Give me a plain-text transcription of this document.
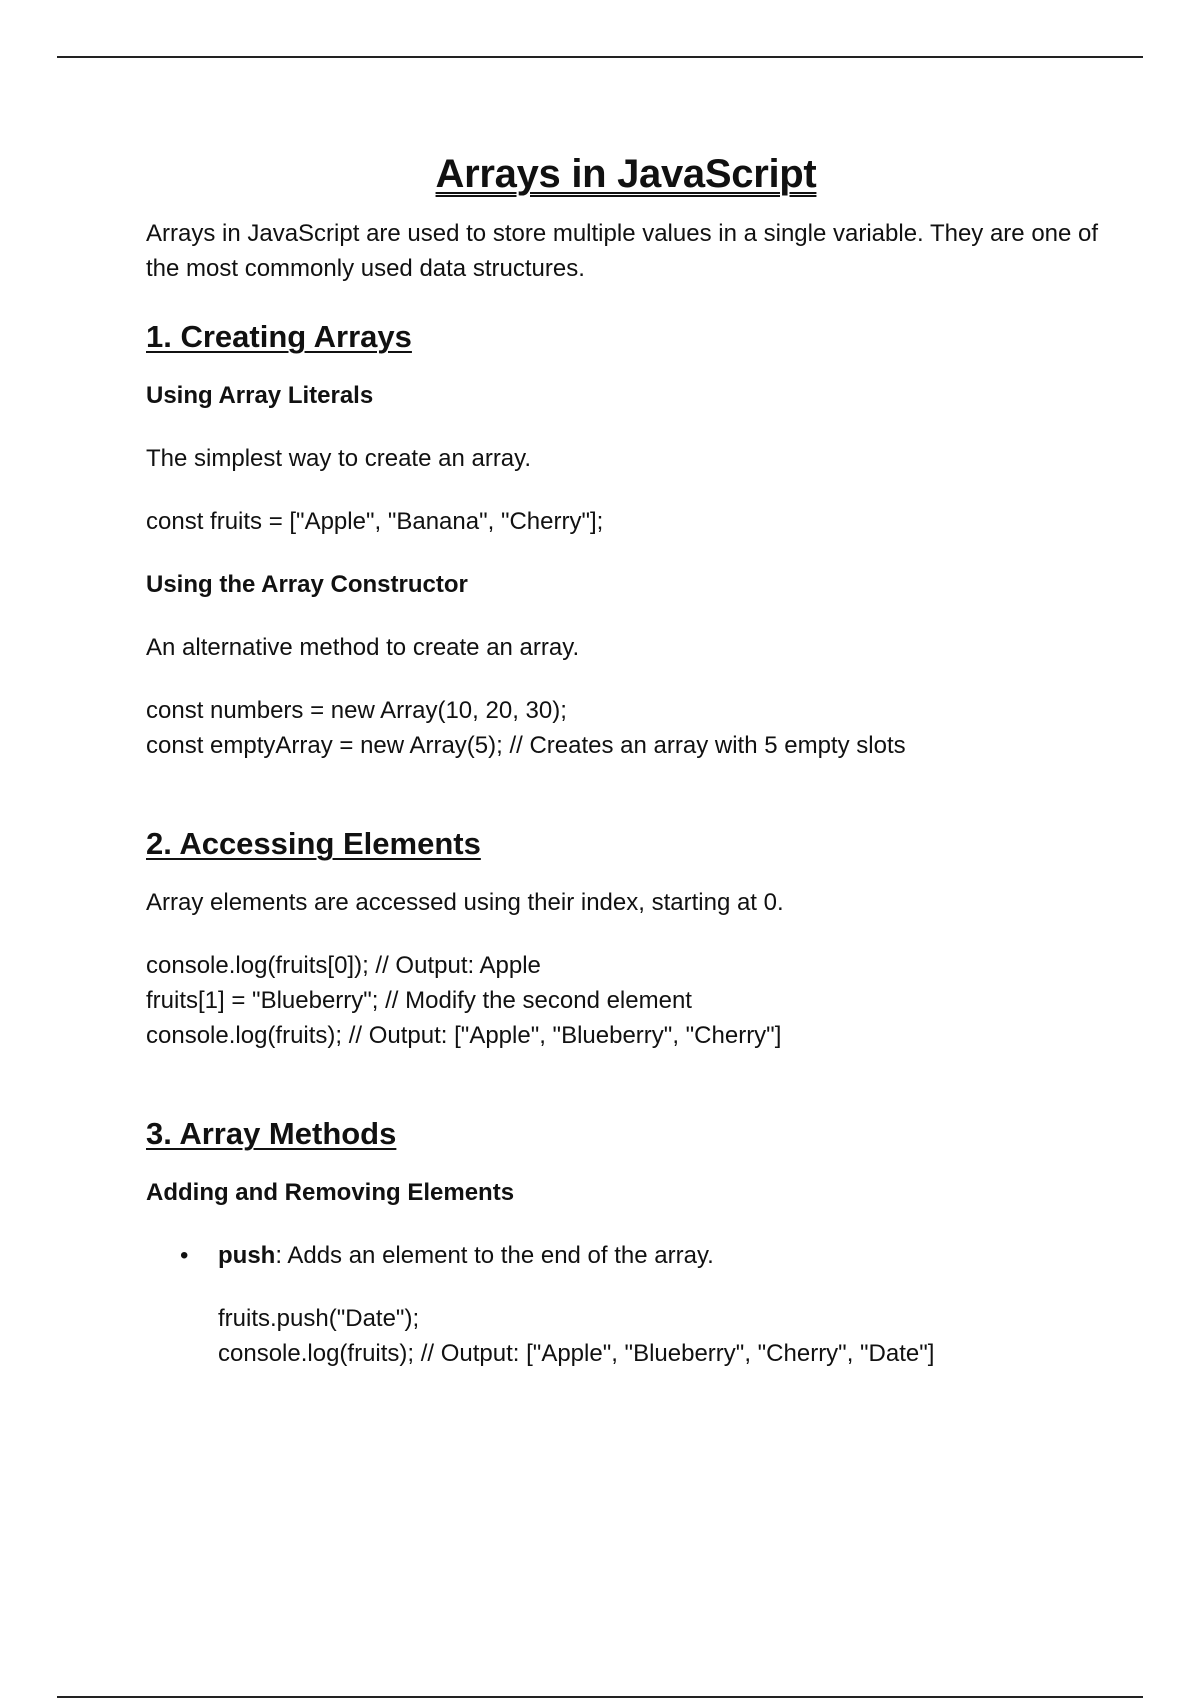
Arrays in JavaScript

Arrays in JavaScript are used to store multiple values in a single variable. They are one of the most commonly used data structures.

1. Creating Arrays
Using Array Literals

The simplest way to create an array.

const fruits = ["Apple", "Banana", "Cherry"];
Using the Array Constructor

An alternative method to create an array.

const numbers = new Array(10, 20, 30);
const emptyArray = new Array(5); // Creates an array with 5 empty slots
2. Accessing Elements

Array elements are accessed using their index, starting at 0.

console.log(fruits[0]); // Output: Apple
fruits[1] = "Blueberry"; // Modify the second element
console.log(fruits); // Output: ["Apple", "Blueberry", "Cherry"]
3. Array Methods
Adding and Removing Elements
• push: Adds an element to the end of the array.

fruits.push("Date");
console.log(fruits); // Output: ["Apple", "Blueberry", "Cherry", "Date"]
